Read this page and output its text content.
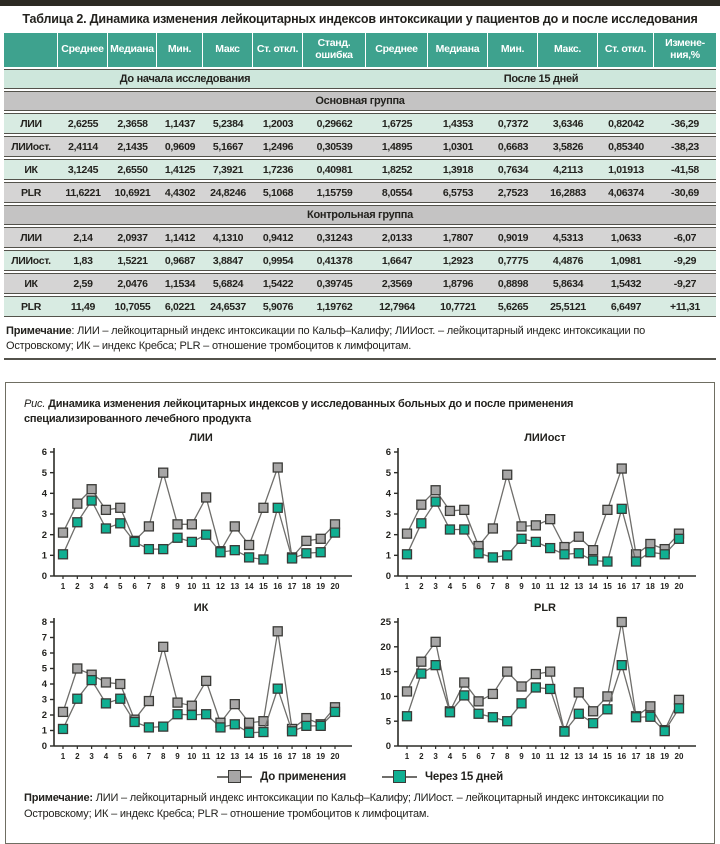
Таблица 2. Динамика изменения лейкоцитарных индексов интоксикации у пациентов до и после исследования
	Среднее	Медиана	Мин.	Макс	Ст. откл.	Станд. ошибка	Среднее	Медиана	Мин.	Макс.	Ст. откл.	Измене-ния,%
До начала исследования							После 15 дней					
Основная группа												
ЛИИ	2,6255	2,3658	1,1437	5,2384	1,2003	0,29662	1,6725	1,4353	0,7372	3,6346	0,82042	-36,29
ЛИИост.	2,4114	2,1435	0,9609	5,1667	1,2496	0,30539	1,4895	1,0301	0,6683	3,5826	0,85340	-38,23
ИК	3,1245	2,6550	1,4125	7,3921	1,7236	0,40981	1,8252	1,3918	0,7634	4,2113	1,01913	-41,58
PLR	11,6221	10,6921	4,4302	24,8246	5,1068	1,15759	8,0554	6,5753	2,7523	16,2883	4,06374	-30,69
Контрольная группа												
ЛИИ	2,14	2,0937	1,1412	4,1310	0,9412	0,31243	2,0133	1,7807	0,9019	4,5313	1,0633	-6,07
ЛИИост.	1,83	1,5221	0,9687	3,8847	0,9954	0,41378	1,6647	1,2923	0,7775	4,4876	1,0981	-9,29
ИК	2,59	2,0476	1,1534	5,6824	1,5422	0,39745	2,3569	1,8796	0,8898	5,8634	1,5432	-9,27
PLR	11,49	10,7055	6,0221	24,6537	5,9076	1,19762	12,7964	10,7721	5,6265	25,5121	6,6497	+11,31
Примечание: ЛИИ – лейкоцитарный индекс интоксикации по Кальф–Калифу; ЛИИост. – лейкоцитарный индекс интоксикации по Островскому; ИК – индекс Кребса; PLR – отношение тромбоцитов к лимфоцитам.
Рис. Динамика изменения лейкоцитарных индексов у исследованных больных до и после применения специализированного лечебного продукта
ЛИИ
0
1
2
3
4
5
6
1 2 3 4 5 6 7 8 9 10 11 12 13 14 15 16 17 18 19 20
ЛИИост
0
1
2
3
4
5
6
1 2 3 4 5 6 7 8 9 10 11 12 13 14 15 16 17 18 19 20
ИК
0
1
2
3
4
5
6
7
8
1 2 3 4 5 6 7 8 9 10 11 12 13 14 15 16 17 18 19 20
PLR
0
5
10
15
20
25
1 2 3 4 5 6 7 8 9 10 11 12 13 14 15 16 17 18 19 20
До применения	Через 15 дней
Примечание: ЛИИ – лейкоцитарный индекс интоксикации по Кальф–Калифу; ЛИИост. – лейкоцитарный индекс интоксикации по Островскому; ИК – индекс Кребса; PLR – отношение тромбоцитов к лимфоцитам.
